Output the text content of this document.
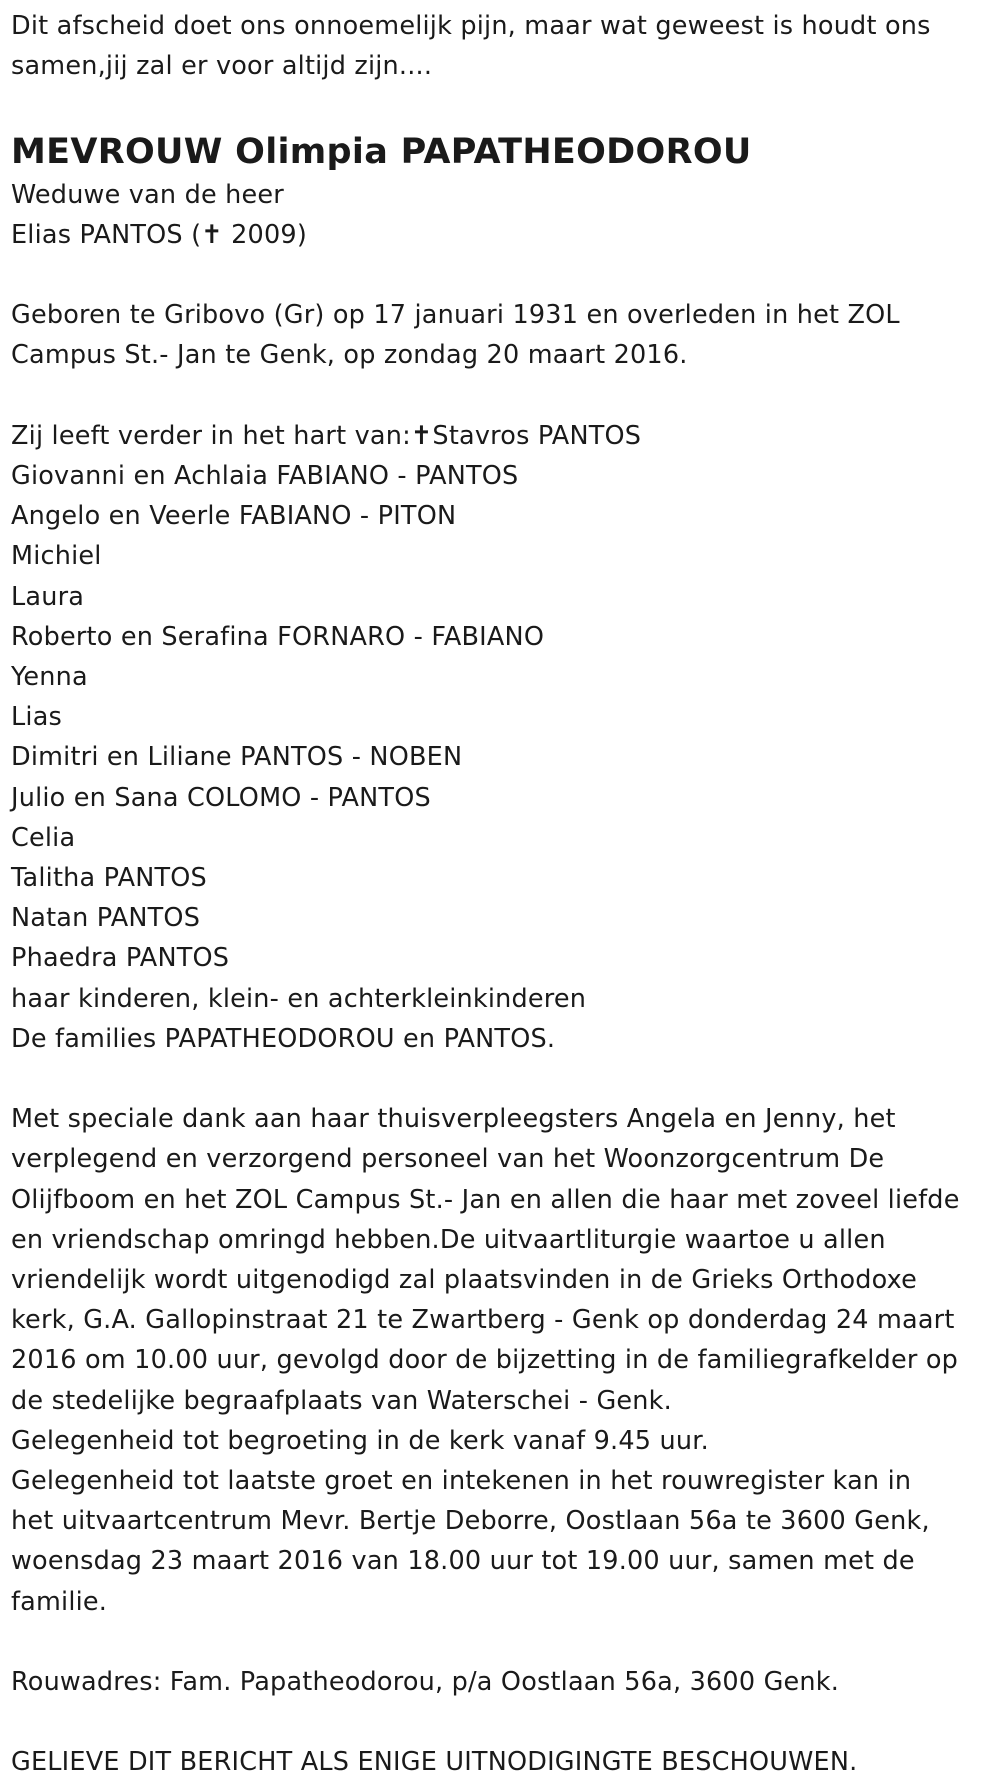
Dit afscheid doet ons onnoemelijk pijn, maar wat geweest is houdt ons
samen,jij zal er voor altijd zijn....
MEVROUW Olimpia PAPATHEODOROU
Weduwe van de heer
Elias PANTOS (✝ 2009)
Geboren te Gribovo (Gr) op 17 januari 1931 en overleden in het ZOL
Campus St.- Jan te Genk, op zondag 20 maart 2016.
Zij leeft verder in het hart van:✝Stavros PANTOS
Giovanni en Achlaia FABIANO - PANTOS
Angelo en Veerle FABIANO - PITON
Michiel
Laura
Roberto en Serafina FORNARO - FABIANO
Yenna
Lias
Dimitri en Liliane PANTOS - NOBEN
Julio en Sana COLOMO - PANTOS
Celia
Talitha PANTOS
Natan PANTOS
Phaedra PANTOS
haar kinderen, klein- en achterkleinkinderen
De families PAPATHEODOROU en PANTOS.
Met speciale dank aan haar thuisverpleegsters Angela en Jenny, het
verplegend en verzorgend personeel van het Woonzorgcentrum De
Olijfboom en het ZOL Campus St.- Jan en allen die haar met zoveel liefde
en vriendschap omringd hebben.De uitvaartliturgie waartoe u allen
vriendelijk wordt uitgenodigd zal plaatsvinden in de Grieks Orthodoxe
kerk, G.A. Gallopinstraat 21 te Zwartberg - Genk op donderdag 24 maart
2016 om 10.00 uur, gevolgd door de bijzetting in de familiegrafkelder op
de stedelijke begraafplaats van Waterschei - Genk.
Gelegenheid tot begroeting in de kerk vanaf 9.45 uur.
Gelegenheid tot laatste groet en intekenen in het rouwregister kan in
het uitvaartcentrum Mevr. Bertje Deborre, Oostlaan 56a te 3600 Genk,
woensdag 23 maart 2016 van 18.00 uur tot 19.00 uur, samen met de
familie.
Rouwadres: Fam. Papatheodorou, p/a Oostlaan 56a, 3600 Genk.
GELIEVE DIT BERICHT ALS ENIGE UITNODIGINGTE BESCHOUWEN.
